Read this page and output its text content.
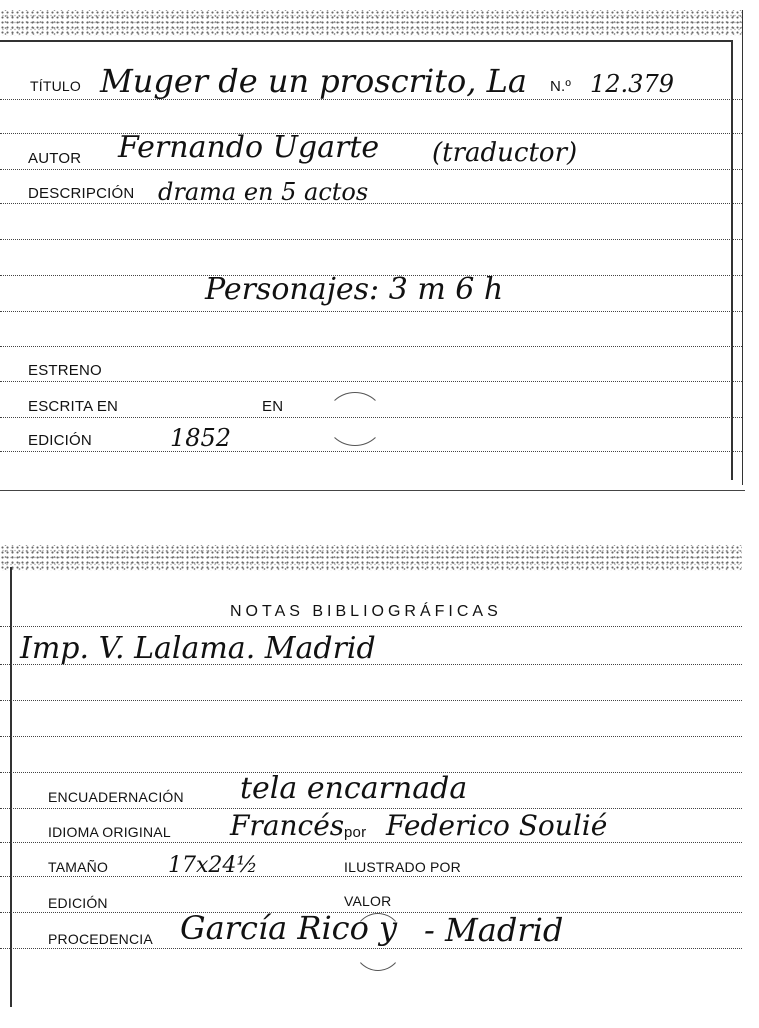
TÍTULO Muger de un proscrito, La N.º 12.379
AUTOR Fernando Ugarte (traductor)
DESCRIPCIÓN drama en 5 actos
Personajes: 3 m 6 h
ESTRENO
ESCRITA EN	EN
EDICIÓN	1852
NOTAS BIBLIOGRÁFICAS
Imp. V. Lalama. Madrid
ENCUADERNACIÓN tela encarnada
IDIOMA ORIGINAL Francés por Federico Soulié
TAMAÑO	17x24½	ILUSTRADO POR
EDICIÓN	VALOR
PROCEDENCIA García Rico y - Madrid
